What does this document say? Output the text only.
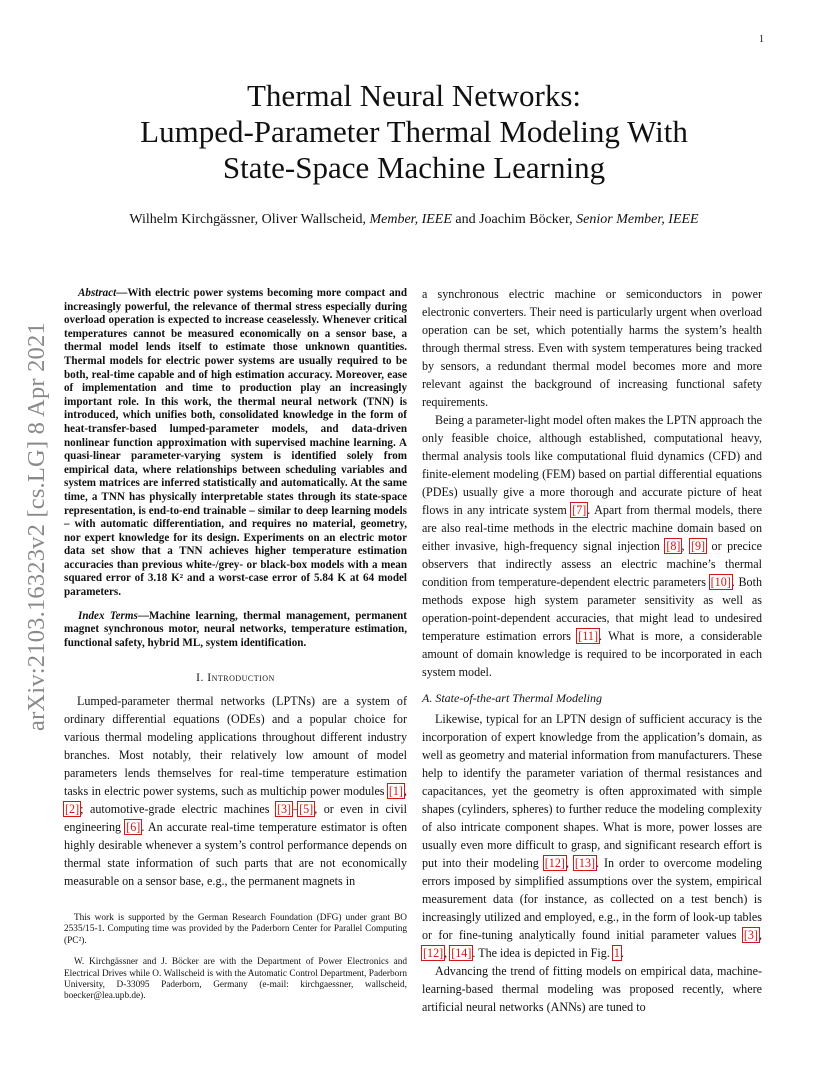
1
arXiv:2103.16323v2 [cs.LG] 8 Apr 2021
Thermal Neural Networks:
Lumped-Parameter Thermal Modeling With
State-Space Machine Learning
Wilhelm Kirchgässner, Oliver Wallscheid, Member, IEEE and Joachim Böcker, Senior Member, IEEE

Abstract—With electric power systems becoming more compact and increasingly powerful, the relevance of thermal stress especially during overload operation is expected to increase ceaselessly. Whenever critical temperatures cannot be measured economically on a sensor base, a thermal model lends itself to estimate those unknown quantities. Thermal models for electric power systems are usually required to be both, real-time capable and of high estimation accuracy. Moreover, ease of implementation and time to production play an increasingly important role. In this work, the thermal neural network (TNN) is introduced, which unifies both, consolidated knowledge in the form of heat-transfer-based lumped-parameter models, and data-driven nonlinear function approximation with supervised machine learning. A quasi-linear parameter-varying system is identified solely from empirical data, where relationships between scheduling variables and system matrices are inferred statistically and automatically. At the same time, a TNN has physically interpretable states through its state-space representation, is end-to-end trainable – similar to deep learning models – with automatic differentiation, and requires no material, geometry, nor expert knowledge for its design. Experiments on an electric motor data set show that a TNN achieves higher temperature estimation accuracies than previous white-/grey- or black-box models with a mean squared error of 3.18 K² and a worst-case error of 5.84 K at 64 model parameters.

Index Terms—Machine learning, thermal management, permanent magnet synchronous motor, neural networks, temperature estimation, functional safety, hybrid ML, system identification.

I. Introduction

Lumped-parameter thermal networks (LPTNs) are a system of ordinary differential equations (ODEs) and a popular choice for various thermal modeling applications throughout different industry branches. Most notably, their relatively low amount of model parameters lends themselves for real-time temperature estimation tasks in electric power systems, such as multichip power modules [1], [2]; automotive-grade electric machines [3]–[5], or even in civil engineering [6]. An accurate real-time temperature estimator is often highly desirable whenever a system’s control performance depends on thermal state information of such parts that are not economically measurable on a sensor base, e.g., the permanent magnets in

This work is supported by the German Research Foundation (DFG) under grant BO 2535/15-1. Computing time was provided by the Paderborn Center for Parallel Computing (PC²).

W. Kirchgässner and J. Böcker are with the Department of Power Electronics and Electrical Drives while O. Wallscheid is with the Automatic Control Department, Paderborn University, D-33095 Paderborn, Germany (e-mail: kirchgaessner, wallscheid, boecker@lea.upb.de).

a synchronous electric machine or semiconductors in power electronic converters. Their need is particularly urgent when overload operation can be set, which potentially harms the system’s health through thermal stress. Even with system temperatures being tracked by sensors, a redundant thermal model becomes more and more relevant against the background of increasing functional safety requirements.

Being a parameter-light model often makes the LPTN approach the only feasible choice, although established, computational heavy, thermal analysis tools like computational fluid dynamics (CFD) and finite-element modeling (FEM) based on partial differential equations (PDEs) usually give a more thorough and accurate picture of heat flows in any intricate system [7]. Apart from thermal models, there are also real-time methods in the electric machine domain based on either invasive, high-frequency signal injection [8], [9] or precice observers that indirectly assess an electric machine’s thermal condition from temperature-dependent electric parameters [10]. Both methods expose high system parameter sensitivity as well as operation-point-dependent accuracies, that might lead to undesired temperature estimation errors [11]. What is more, a considerable amount of domain knowledge is required to be incorporated in each system model.

A. State-of-the-art Thermal Modeling

Likewise, typical for an LPTN design of sufficient accuracy is the incorporation of expert knowledge from the application’s domain, as well as geometry and material information from manufacturers. These help to identify the parameter variation of thermal resistances and capacitances, yet the geometry is often approximated with simple shapes (cylinders, spheres) to further reduce the modeling complexity of also intricate component shapes. What is more, power losses are usually even more difficult to grasp, and significant research effort is put into their modeling [12], [13]. In order to overcome modeling errors imposed by simplified assumptions over the system, empirical measurement data (for instance, as collected on a test bench) is increasingly utilized and employed, e.g., in the form of look-up tables or for fine-tuning analytically found initial parameter values [3], [12], [14]. The idea is depicted in Fig. 1.

Advancing the trend of fitting models on empirical data, machine-learning-based thermal modeling was proposed recently, where artificial neural networks (ANNs) are tuned to
